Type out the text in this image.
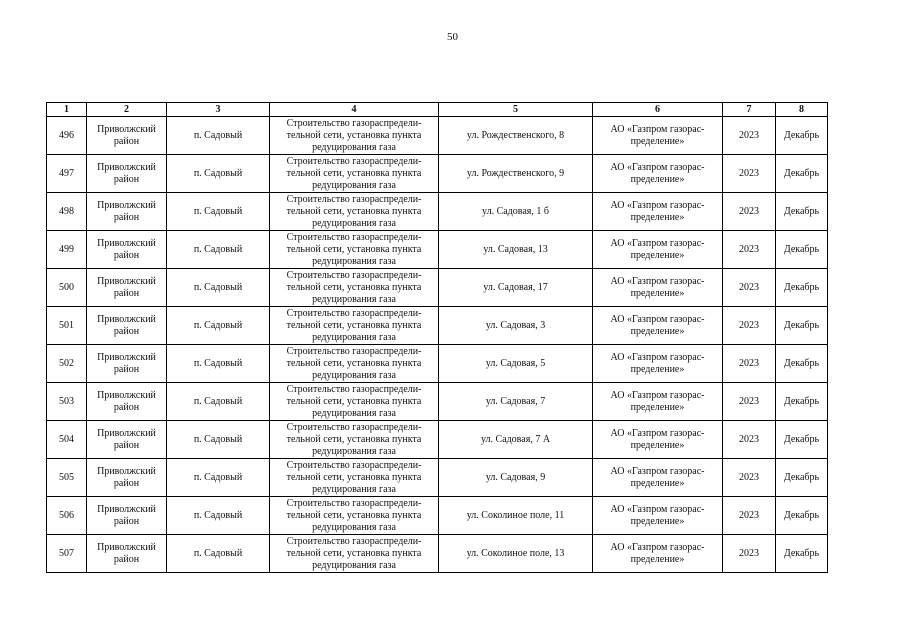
50
1	2	3	4	5	6	7	8
496	Приволжский район	п. Садовый	Строительство газораспредели-тельной сети, установка пункта редуцирования газа	ул. Рождественского, 8	АО «Газпром газорас-пределение»	2023	Декабрь
497	Приволжский район	п. Садовый	Строительство газораспредели-тельной сети, установка пункта редуцирования газа	ул. Рождественского, 9	АО «Газпром газорас-пределение»	2023	Декабрь
498	Приволжский район	п. Садовый	Строительство газораспредели-тельной сети, установка пункта редуцирования газа	ул. Садовая, 1 б	АО «Газпром газорас-пределение»	2023	Декабрь
499	Приволжский район	п. Садовый	Строительство газораспредели-тельной сети, установка пункта редуцирования газа	ул. Садовая, 13	АО «Газпром газорас-пределение»	2023	Декабрь
500	Приволжский район	п. Садовый	Строительство газораспредели-тельной сети, установка пункта редуцирования газа	ул. Садовая, 17	АО «Газпром газорас-пределение»	2023	Декабрь
501	Приволжский район	п. Садовый	Строительство газораспредели-тельной сети, установка пункта редуцирования газа	ул. Садовая, 3	АО «Газпром газорас-пределение»	2023	Декабрь
502	Приволжский район	п. Садовый	Строительство газораспредели-тельной сети, установка пункта редуцирования газа	ул. Садовая, 5	АО «Газпром газорас-пределение»	2023	Декабрь
503	Приволжский район	п. Садовый	Строительство газораспредели-тельной сети, установка пункта редуцирования газа	ул. Садовая, 7	АО «Газпром газорас-пределение»	2023	Декабрь
504	Приволжский район	п. Садовый	Строительство газораспредели-тельной сети, установка пункта редуцирования газа	ул. Садовая, 7 А	АО «Газпром газорас-пределение»	2023	Декабрь
505	Приволжский район	п. Садовый	Строительство газораспредели-тельной сети, установка пункта редуцирования газа	ул. Садовая, 9	АО «Газпром газорас-пределение»	2023	Декабрь
506	Приволжский район	п. Садовый	Строительство газораспредели-тельной сети, установка пункта редуцирования газа	ул. Соколиное поле, 11	АО «Газпром газорас-пределение»	2023	Декабрь
507	Приволжский район	п. Садовый	Строительство газораспредели-тельной сети, установка пункта редуцирования газа	ул. Соколиное поле, 13	АО «Газпром газорас-пределение»	2023	Декабрь
